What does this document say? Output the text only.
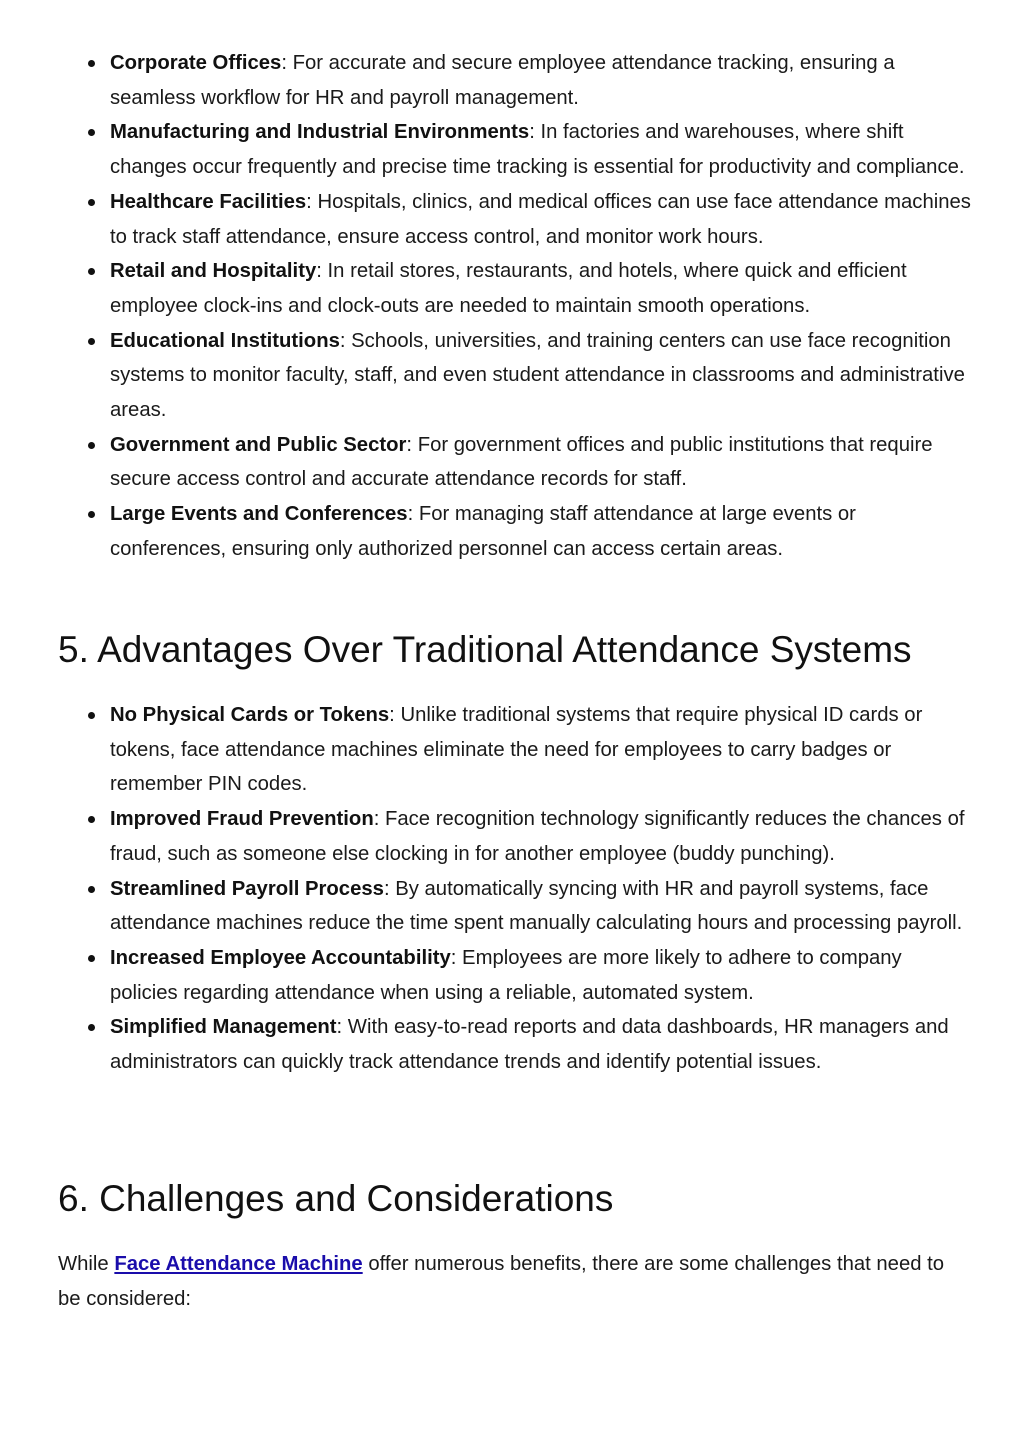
Corporate Offices: For accurate and secure employee attendance tracking, ensuring a seamless workflow for HR and payroll management.
Manufacturing and Industrial Environments: In factories and warehouses, where shift changes occur frequently and precise time tracking is essential for productivity and compliance.
Healthcare Facilities: Hospitals, clinics, and medical offices can use face attendance machines to track staff attendance, ensure access control, and monitor work hours.
Retail and Hospitality: In retail stores, restaurants, and hotels, where quick and efficient employee clock-ins and clock-outs are needed to maintain smooth operations.
Educational Institutions: Schools, universities, and training centers can use face recognition systems to monitor faculty, staff, and even student attendance in classrooms and administrative areas.
Government and Public Sector: For government offices and public institutions that require secure access control and accurate attendance records for staff.
Large Events and Conferences: For managing staff attendance at large events or conferences, ensuring only authorized personnel can access certain areas.
5. Advantages Over Traditional Attendance Systems
No Physical Cards or Tokens: Unlike traditional systems that require physical ID cards or tokens, face attendance machines eliminate the need for employees to carry badges or remember PIN codes.
Improved Fraud Prevention: Face recognition technology significantly reduces the chances of fraud, such as someone else clocking in for another employee (buddy punching).
Streamlined Payroll Process: By automatically syncing with HR and payroll systems, face attendance machines reduce the time spent manually calculating hours and processing payroll.
Increased Employee Accountability: Employees are more likely to adhere to company policies regarding attendance when using a reliable, automated system.
Simplified Management: With easy-to-read reports and data dashboards, HR managers and administrators can quickly track attendance trends and identify potential issues.
6. Challenges and Considerations

While Face Attendance Machine offer numerous benefits, there are some challenges that need to be considered:
